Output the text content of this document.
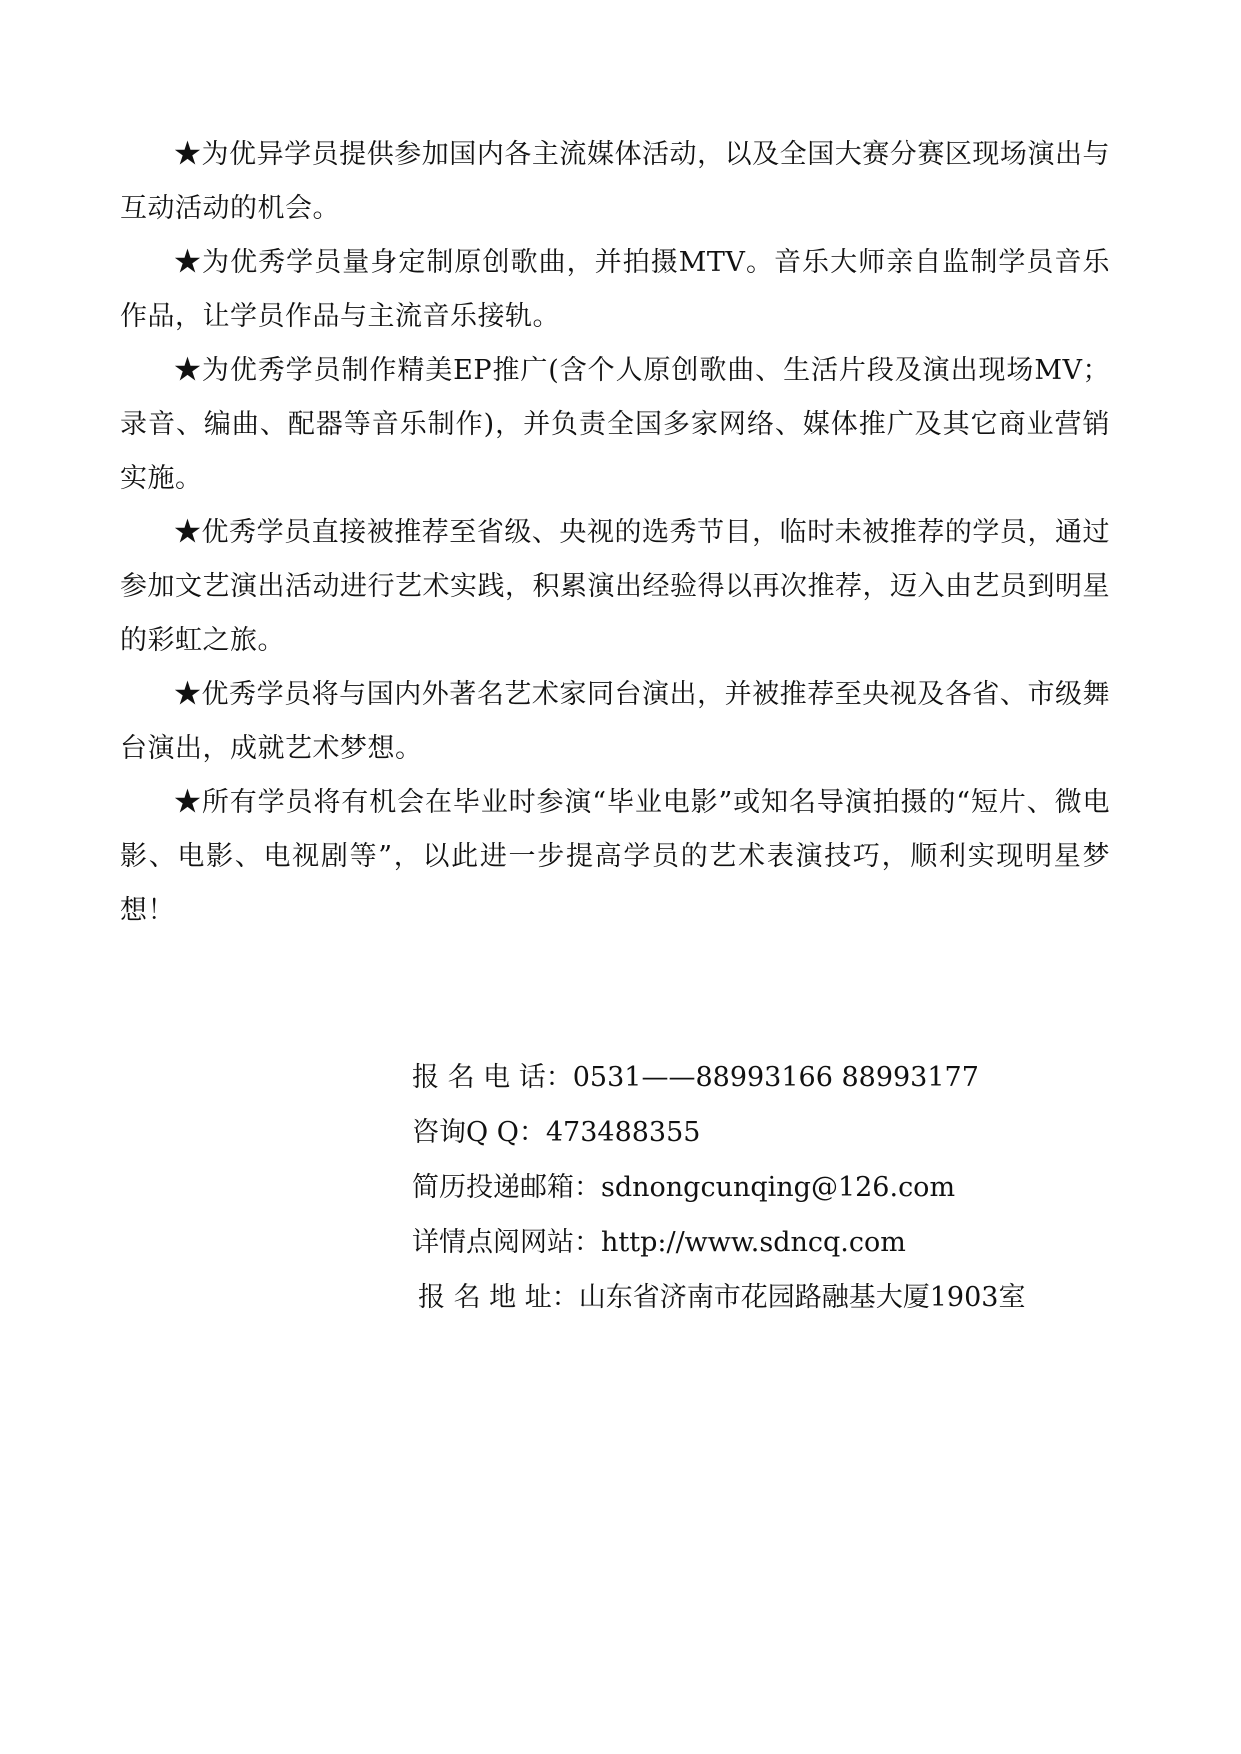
★为优异学员提供参加国内各主流媒体活动，以及全国大赛分赛区现场演出与互动活动的机会。

★为优秀学员量身定制原创歌曲，并拍摄MTV。音乐大师亲自监制学员音乐作品，让学员作品与主流音乐接轨。

★为优秀学员制作精美EP推广(含个人原创歌曲、生活片段及演出现场MV；录音、编曲、配器等音乐制作)，并负责全国多家网络、媒体推广及其它商业营销实施。

★优秀学员直接被推荐至省级、央视的选秀节目，临时未被推荐的学员，通过参加文艺演出活动进行艺术实践，积累演出经验得以再次推荐，迈入由艺员到明星的彩虹之旅。

★优秀学员将与国内外著名艺术家同台演出，并被推荐至央视及各省、市级舞台演出，成就艺术梦想。

★所有学员将有机会在毕业时参演“毕业电影”或知名导演拍摄的“短片、微电影、电影、电视剧等”，以此进一步提高学员的艺术表演技巧，顺利实现明星梦想！

报 名 电 话：0531——88993166 88993177

咨询Q Q：473488355

简历投递邮箱：sdnongcunqing@126.com

详情点阅网站：http://www.sdncq.com

报 名 地 址：山东省济南市花园路融基大厦1903室
